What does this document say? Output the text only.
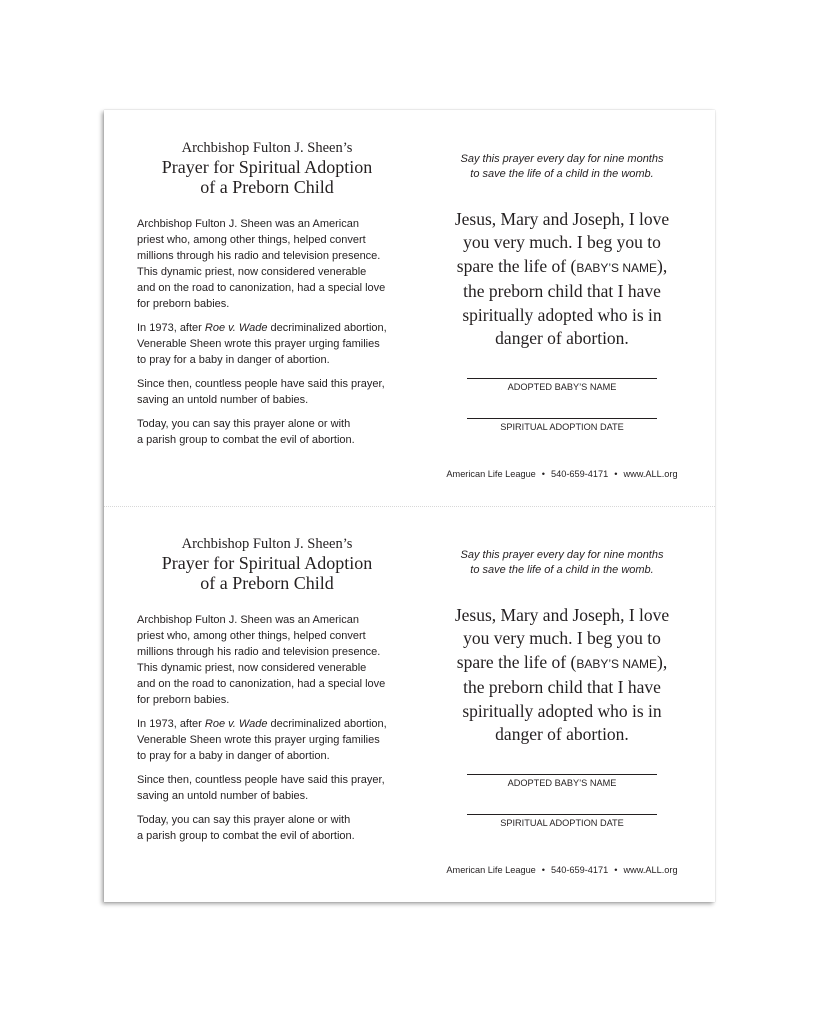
Archbishop Fulton J. Sheen’s
Prayer for Spiritual Adoption
of a Preborn Child

Archbishop Fulton J. Sheen was an American priest who, among other things, helped convert millions through his radio and television presence. This dynamic priest, now considered venerable and on the road to canonization, had a special love for preborn babies.

In 1973, after Roe v. Wade decriminalized abortion, Venerable Sheen wrote this prayer urging families to pray for a baby in danger of abortion.

Since then, countless people have said this prayer, saving an untold number of babies.

Today, you can say this prayer alone or with
a parish group to combat the evil of abortion.

Say this prayer every day for nine months
to save the life of a child in the womb.
Jesus, Mary and Joseph, I love
you very much. I beg you to
spare the life of (BABY’S NAME),
the preborn child that I have
spiritually adopted who is in
danger of abortion.
ADOPTED BABY’S NAME
SPIRITUAL ADOPTION DATE
American Life League • 540-659-4171 • www.ALL.org
Archbishop Fulton J. Sheen’s
Prayer for Spiritual Adoption
of a Preborn Child

Archbishop Fulton J. Sheen was an American priest who, among other things, helped convert millions through his radio and television presence. This dynamic priest, now considered venerable and on the road to canonization, had a special love for preborn babies.

In 1973, after Roe v. Wade decriminalized abortion, Venerable Sheen wrote this prayer urging families to pray for a baby in danger of abortion.

Since then, countless people have said this prayer, saving an untold number of babies.

Today, you can say this prayer alone or with
a parish group to combat the evil of abortion.

Say this prayer every day for nine months
to save the life of a child in the womb.
Jesus, Mary and Joseph, I love
you very much. I beg you to
spare the life of (BABY’S NAME),
the preborn child that I have
spiritually adopted who is in
danger of abortion.
ADOPTED BABY’S NAME
SPIRITUAL ADOPTION DATE
American Life League • 540-659-4171 • www.ALL.org
